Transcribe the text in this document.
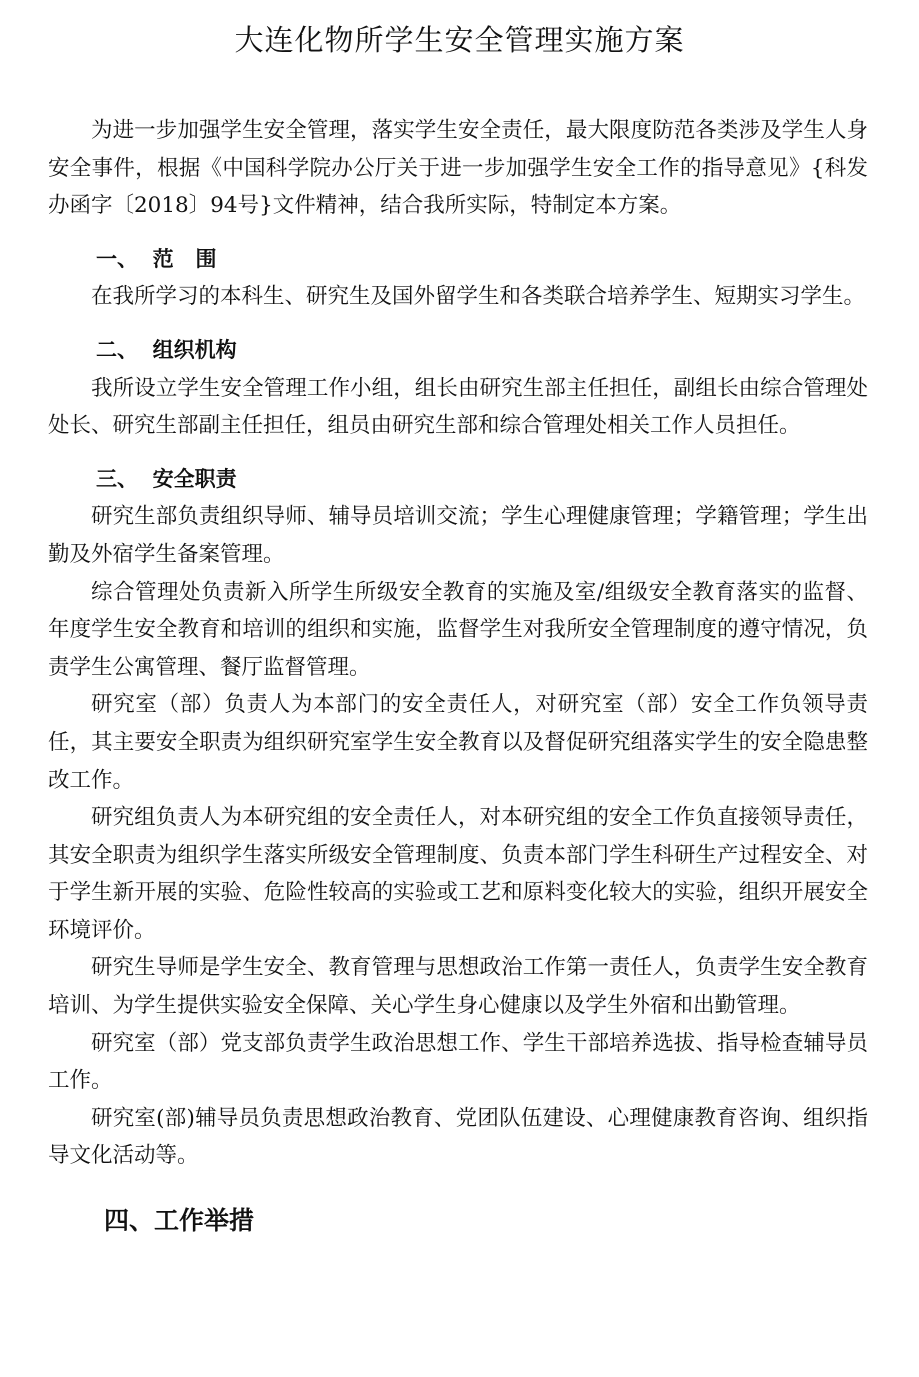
大连化物所学生安全管理实施方案

为进一步加强学生安全管理，落实学生安全责任，最大限度防范各类涉及学生人身安全事件，根据《中国科学院办公厅关于进一步加强学生安全工作的指导意见》{科发办函字〔2018〕94号}文件精神，结合我所实际，特制定本方案。

一、  范   围

在我所学习的本科生、研究生及国外留学生和各类联合培养学生、短期实习学生。

二、  组织机构

我所设立学生安全管理工作小组，组长由研究生部主任担任，副组长由综合管理处处长、研究生部副主任担任，组员由研究生部和综合管理处相关工作人员担任。

三、  安全职责

研究生部负责组织导师、辅导员培训交流；学生心理健康管理；学籍管理；学生出勤及外宿学生备案管理。

综合管理处负责新入所学生所级安全教育的实施及室/组级安全教育落实的监督、年度学生安全教育和培训的组织和实施，监督学生对我所安全管理制度的遵守情况，负责学生公寓管理、餐厅监督管理。

研究室（部）负责人为本部门的安全责任人，对研究室（部）安全工作负领导责任，其主要安全职责为组织研究室学生安全教育以及督促研究组落实学生的安全隐患整改工作。

研究组负责人为本研究组的安全责任人，对本研究组的安全工作负直接领导责任，其安全职责为组织学生落实所级安全管理制度、负责本部门学生科研生产过程安全、对于学生新开展的实验、危险性较高的实验或工艺和原料变化较大的实验，组织开展安全环境评价。

研究生导师是学生安全、教育管理与思想政治工作第一责任人，负责学生安全教育培训、为学生提供实验安全保障、关心学生身心健康以及学生外宿和出勤管理。

研究室（部）党支部负责学生政治思想工作、学生干部培养选拔、指导检查辅导员工作。

研究室(部)辅导员负责思想政治教育、党团队伍建设、心理健康教育咨询、组织指导文化活动等。

四、工作举措
